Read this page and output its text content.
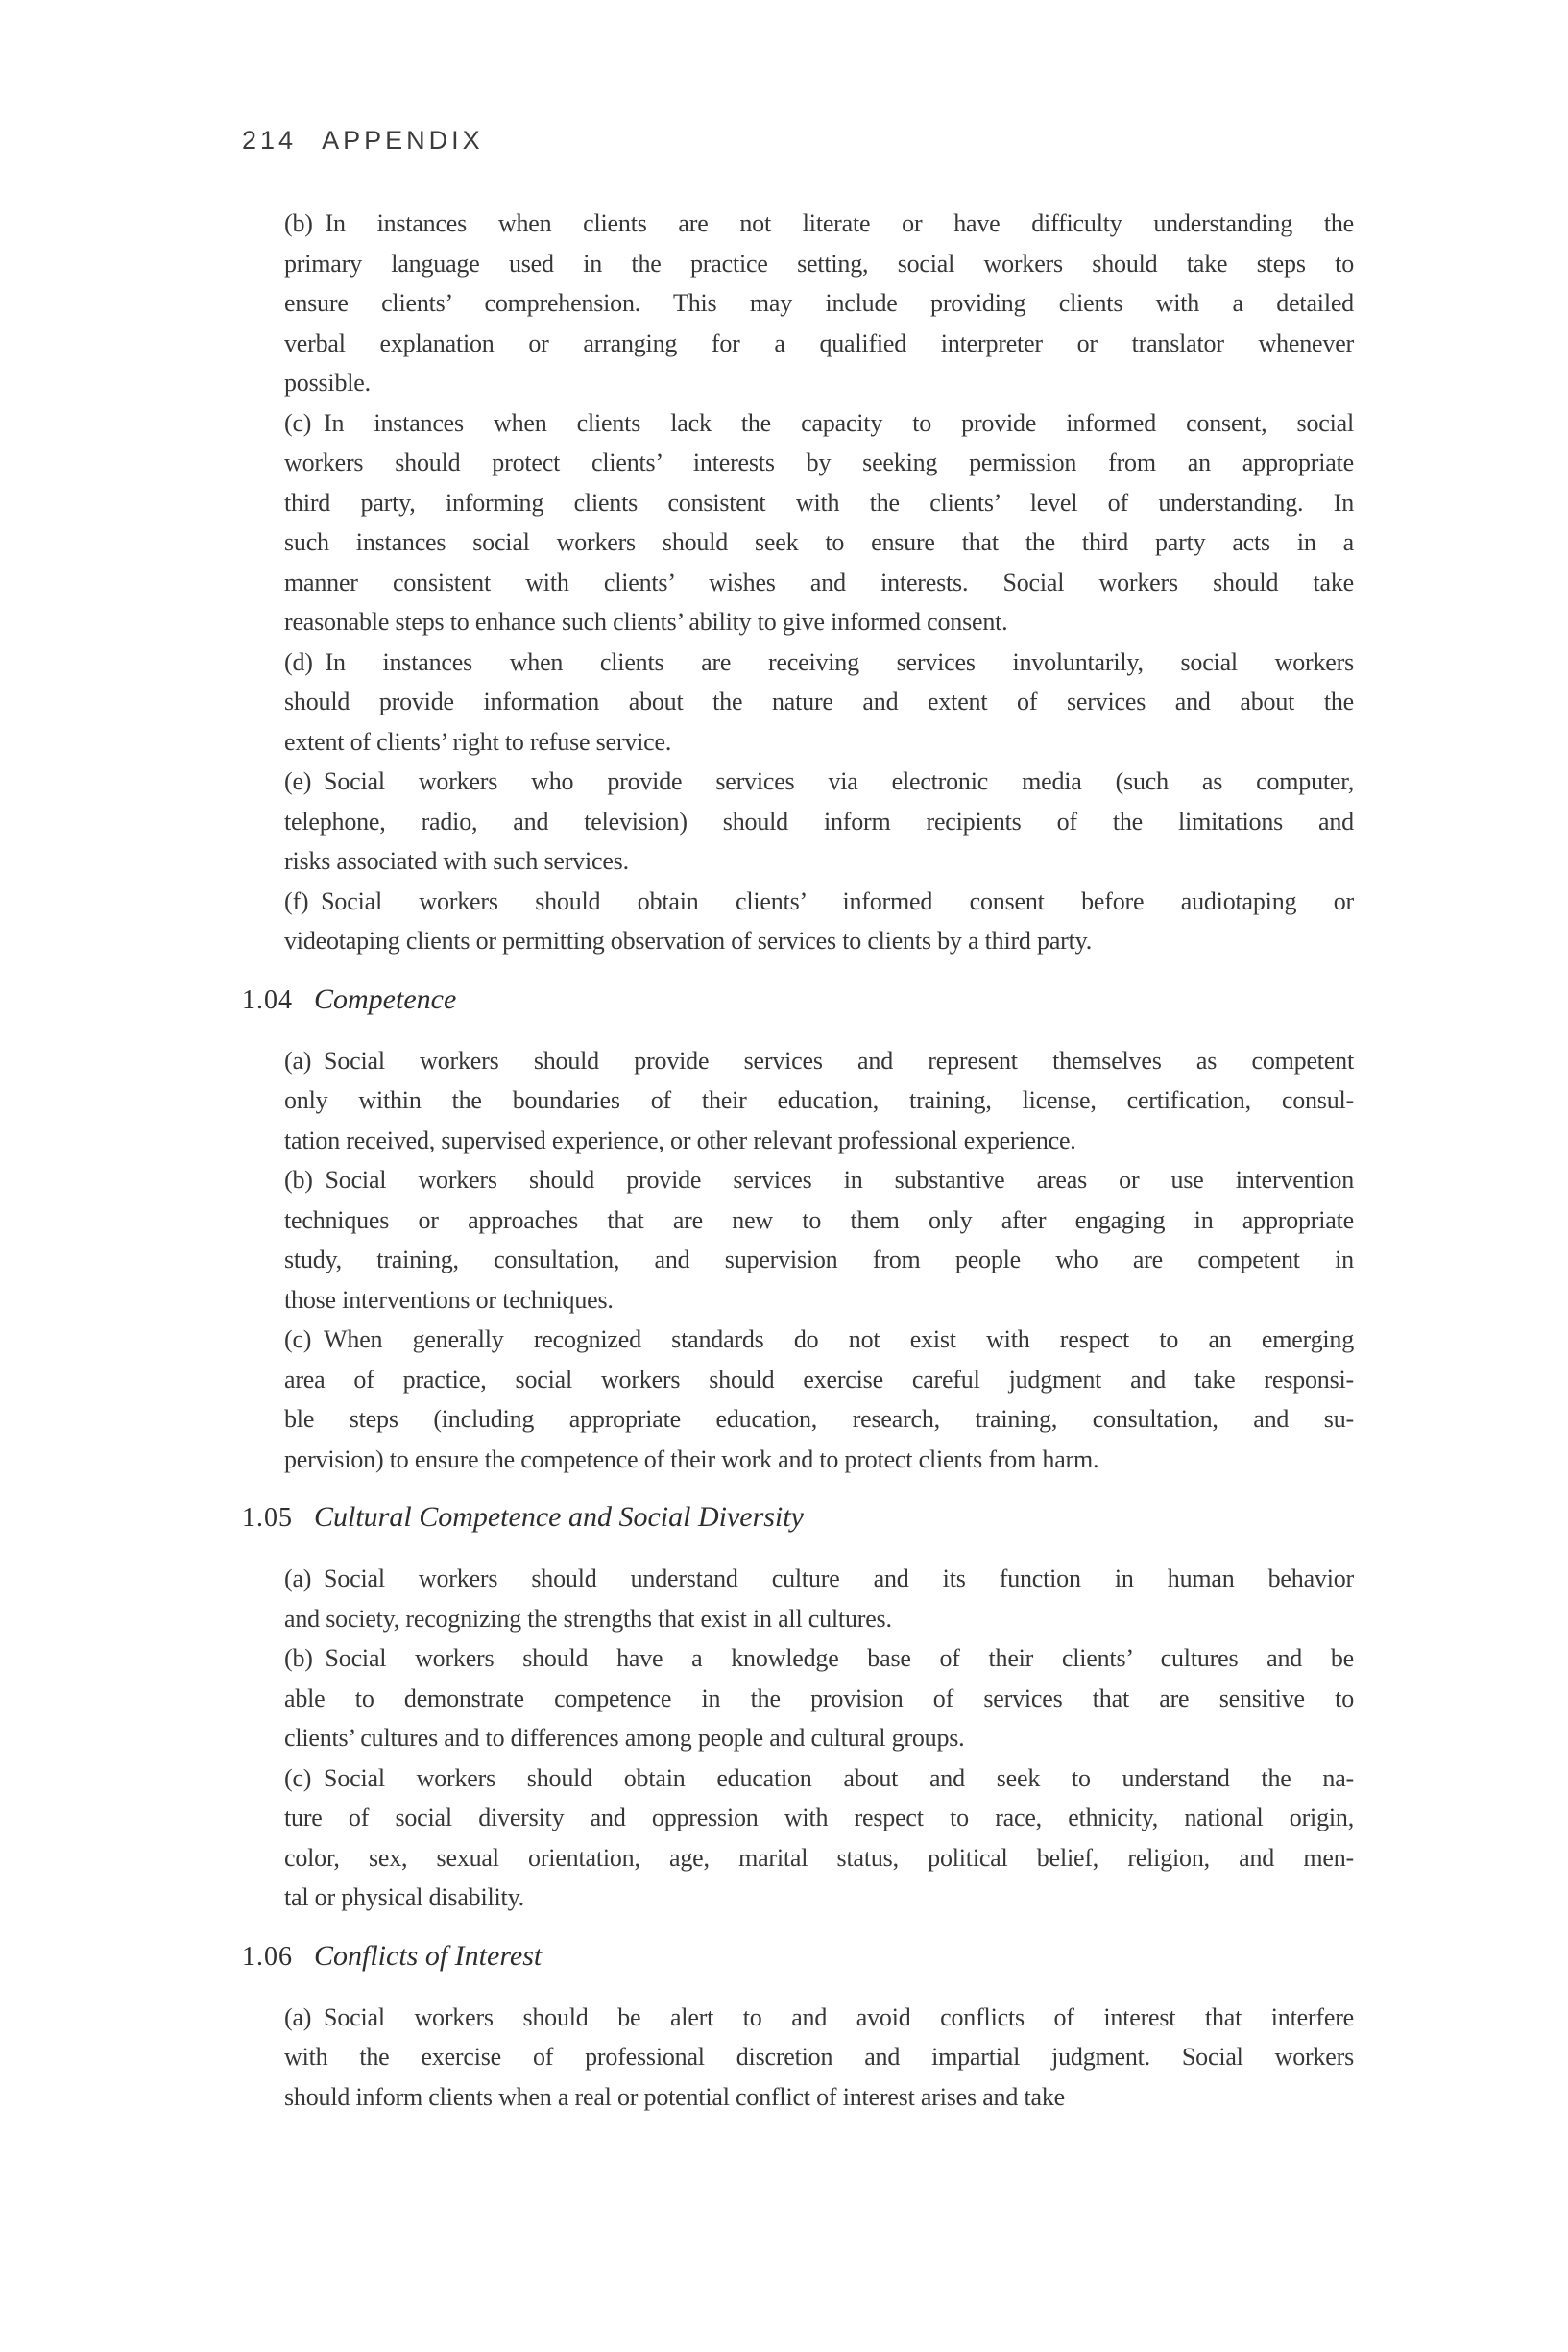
214 APPENDIX

(b) In instances when clients are not literate or have difficulty understanding the
primary language used in the practice setting, social workers should take steps to
ensure clients’ comprehension. This may include providing clients with a detailed
verbal explanation or arranging for a qualified interpreter or translator whenever
possible.

(c) In instances when clients lack the capacity to provide informed consent, social
workers should protect clients’ interests by seeking permission from an appropriate
third party, informing clients consistent with the clients’ level of understanding. In
such instances social workers should seek to ensure that the third party acts in a
manner consistent with clients’ wishes and interests. Social workers should take
reasonable steps to enhance such clients’ ability to give informed consent.

(d) In instances when clients are receiving services involuntarily, social workers
should provide information about the nature and extent of services and about the
extent of clients’ right to refuse service.

(e) Social workers who provide services via electronic media (such as computer,
telephone, radio, and television) should inform recipients of the limitations and
risks associated with such services.

(f) Social workers should obtain clients’ informed consent before audiotaping or
videotaping clients or permitting observation of services to clients by a third party.

1.04 Competence

(a) Social workers should provide services and represent themselves as competent
only within the boundaries of their education, training, license, certification, consul-
tation received, supervised experience, or other relevant professional experience.

(b) Social workers should provide services in substantive areas or use intervention
techniques or approaches that are new to them only after engaging in appropriate
study, training, consultation, and supervision from people who are competent in
those interventions or techniques.

(c) When generally recognized standards do not exist with respect to an emerging
area of practice, social workers should exercise careful judgment and take responsi-
ble steps (including appropriate education, research, training, consultation, and su-
pervision) to ensure the competence of their work and to protect clients from harm.

1.05 Cultural Competence and Social Diversity

(a) Social workers should understand culture and its function in human behavior
and society, recognizing the strengths that exist in all cultures.

(b) Social workers should have a knowledge base of their clients’ cultures and be
able to demonstrate competence in the provision of services that are sensitive to
clients’ cultures and to differences among people and cultural groups.

(c) Social workers should obtain education about and seek to understand the na-
ture of social diversity and oppression with respect to race, ethnicity, national origin,
color, sex, sexual orientation, age, marital status, political belief, religion, and men-
tal or physical disability.

1.06 Conflicts of Interest

(a) Social workers should be alert to and avoid conflicts of interest that interfere
with the exercise of professional discretion and impartial judgment. Social workers
should inform clients when a real or potential conflict of interest arises and take
